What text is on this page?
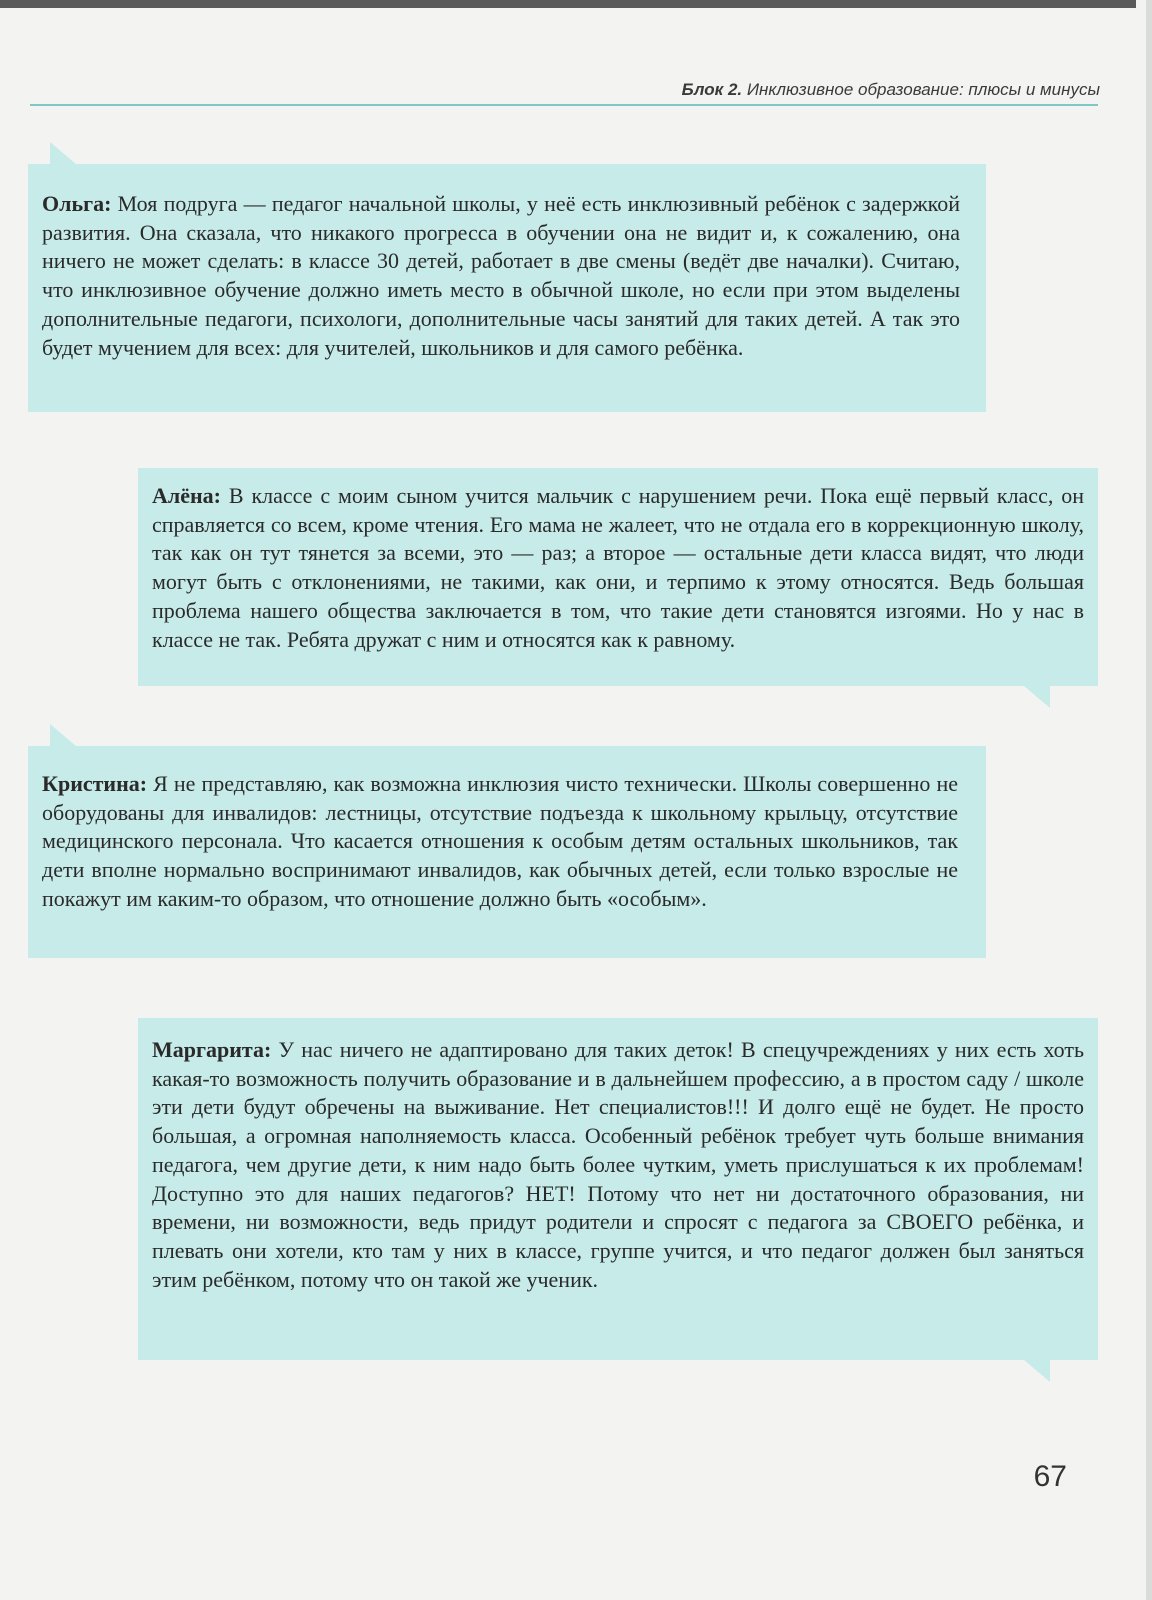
Блок 2. Инклюзивное образование: плюсы и минусы
Ольга: Моя подруга — педагог начальной школы, у неё есть инклюзивный ребёнок с задержкой развития. Она сказала, что никакого прогресса в обучении она не видит и, к сожалению, она ничего не может сделать: в классе 30 детей, работает в две смены (ведёт две началки). Считаю, что инклюзивное обучение должно иметь место в обычной школе, но если при этом выделены дополнительные педагоги, психологи, дополнительные часы занятий для таких детей. А так это будет мучением для всех: для учителей, школьников и для самого ребёнка.
Алёна: В классе с моим сыном учится мальчик с нарушением речи. Пока ещё первый класс, он справляется со всем, кроме чтения. Его мама не жалеет, что не отдала его в коррекционную школу, так как он тут тянется за всеми, это — раз; а второе — остальные дети класса видят, что люди могут быть с отклонениями, не такими, как они, и терпимо к этому относятся. Ведь большая проблема нашего общества заключается в том, что такие дети становятся изгоями. Но у нас в классе не так. Ребята дружат с ним и относятся как к равному.
Кристина: Я не представляю, как возможна инклюзия чисто технически. Школы совершенно не оборудованы для инвалидов: лестницы, отсутствие подъезда к школьному крыльцу, отсутствие медицинского персонала. Что касается отношения к особым детям остальных школьников, так дети вполне нормально воспринимают инвалидов, как обычных детей, если только взрослые не покажут им каким-то образом, что отношение должно быть «особым».
Маргарита: У нас ничего не адаптировано для таких деток! В спецучреждениях у них есть хоть какая-то возможность получить образование и в дальнейшем профессию, а в простом саду / школе эти дети будут обречены на выживание. Нет специалистов!!! И долго ещё не будет. Не просто большая, а огромная наполняемость класса. Особенный ребёнок требует чуть больше внимания педагога, чем другие дети, к ним надо быть более чутким, уметь прислушаться к их проблемам! Доступно это для наших педагогов? НЕТ! Потому что нет ни достаточного образования, ни времени, ни возможности, ведь придут родители и спросят с педагога за СВОЕГО ребёнка, и плевать они хотели, кто там у них в классе, группе учится, и что педагог должен был заняться этим ребёнком, потому что он такой же ученик.
67
